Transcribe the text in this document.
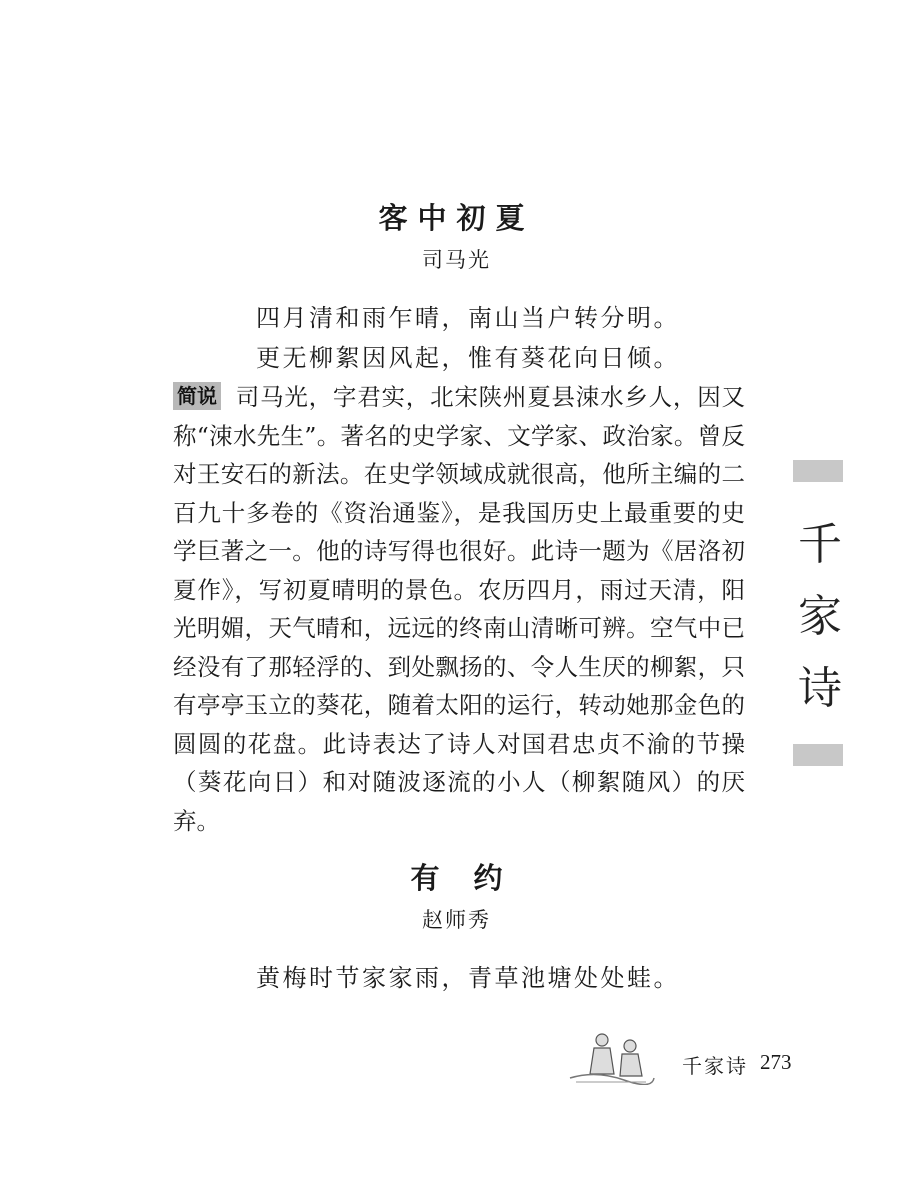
客中初夏
司马光
四月清和雨乍晴，南山当户转分明。
更无柳絮因风起，惟有葵花向日倾。
简说 司马光，字君实，北宋陕州夏县涑水乡人，因又称“涑水先生”。著名的史学家、文学家、政治家。曾反对王安石的新法。在史学领域成就很高，他所主编的二百九十多卷的《资治通鉴》，是我国历史上最重要的史学巨著之一。他的诗写得也很好。此诗一题为《居洛初夏作》，写初夏晴明的景色。农历四月，雨过天清，阳光明媚，天气晴和，远远的终南山清晰可辨。空气中已经没有了那轻浮的、到处飘扬的、令人生厌的柳絮，只有亭亭玉立的葵花，随着太阳的运行，转动她那金色的圆圆的花盘。此诗表达了诗人对国君忠贞不渝的节操（葵花向日）和对随波逐流的小人（柳絮随风）的厌弃。
有约
赵师秀
黄梅时节家家雨，青草池塘处处蛙。
千
家
诗
千家诗 273
